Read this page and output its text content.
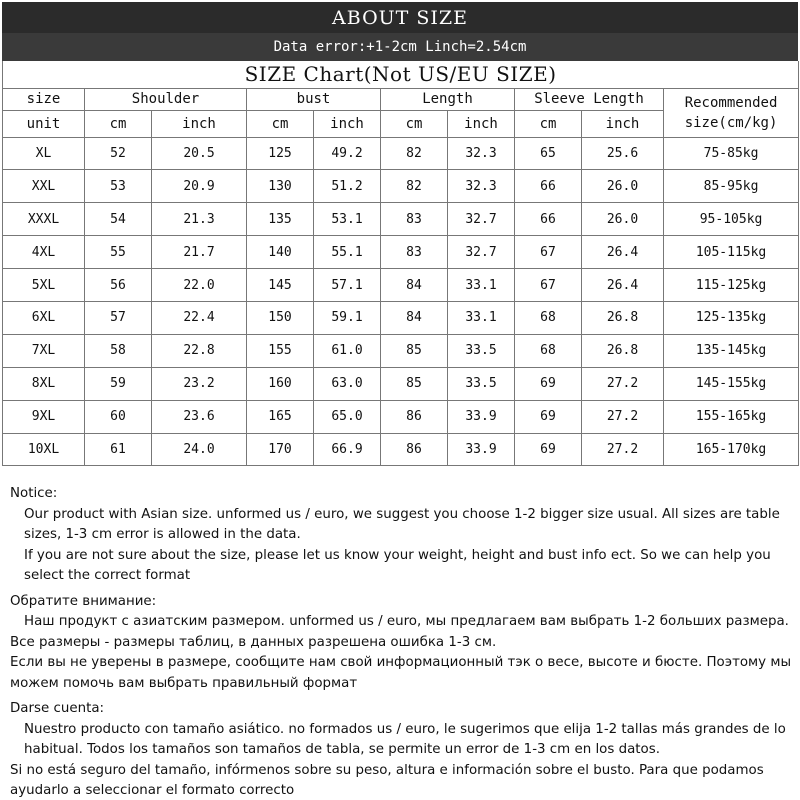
ABOUT SIZE
Data error:+1-2cm Linch=2.54cm
SIZE Chart(Not US/EU SIZE)									
size	Shoulder		bust		Length		Sleeve Length		Recommended
size(cm/kg)

unit	cm	inch	cm	inch	cm	inch	cm	inch	
XL	52	20.5	125	49.2	82	32.3	65	25.6	75-85kg
XXL	53	20.9	130	51.2	82	32.3	66	26.0	85-95kg
XXXL	54	21.3	135	53.1	83	32.7	66	26.0	95-105kg
4XL	55	21.7	140	55.1	83	32.7	67	26.4	105-115kg
5XL	56	22.0	145	57.1	84	33.1	67	26.4	115-125kg
6XL	57	22.4	150	59.1	84	33.1	68	26.8	125-135kg
7XL	58	22.8	155	61.0	85	33.5	68	26.8	135-145kg
8XL	59	23.2	160	63.0	85	33.5	69	27.2	145-155kg
9XL	60	23.6	165	65.0	86	33.9	69	27.2	155-165kg
10XL	61	24.0	170	66.9	86	33.9	69	27.2	165-170kg

Notice:

Our product with Asian size. unformed us / euro, we suggest you choose 1-2 bigger size usual. All sizes are table sizes, 1-3 cm error is allowed in the data.

If you are not sure about the size, please let us know your weight, height and bust info ect. So we can help you select the correct format

Обратите внимание:

Наш продукт с азиатским размером. unformed us / euro, мы предлагаем вам выбрать 1-2 больших размера.

Все размеры - размеры таблиц, в данных разрешена ошибка 1-3 см.

Если вы не уверены в размере, сообщите нам свой информационный тэк о весе, высоте и бюсте. Поэтому мы можем помочь вам выбрать правильный формат

Darse cuenta:

Nuestro producto con tamaño asiático. no formados us / euro, le sugerimos que elija 1-2 tallas más grandes de lo habitual. Todos los tamaños son tamaños de tabla, se permite un error de 1-3 cm en los datos.

Si no está seguro del tamaño, infórmenos sobre su peso, altura e información sobre el busto. Para que podamos ayudarlo a seleccionar el formato correcto
